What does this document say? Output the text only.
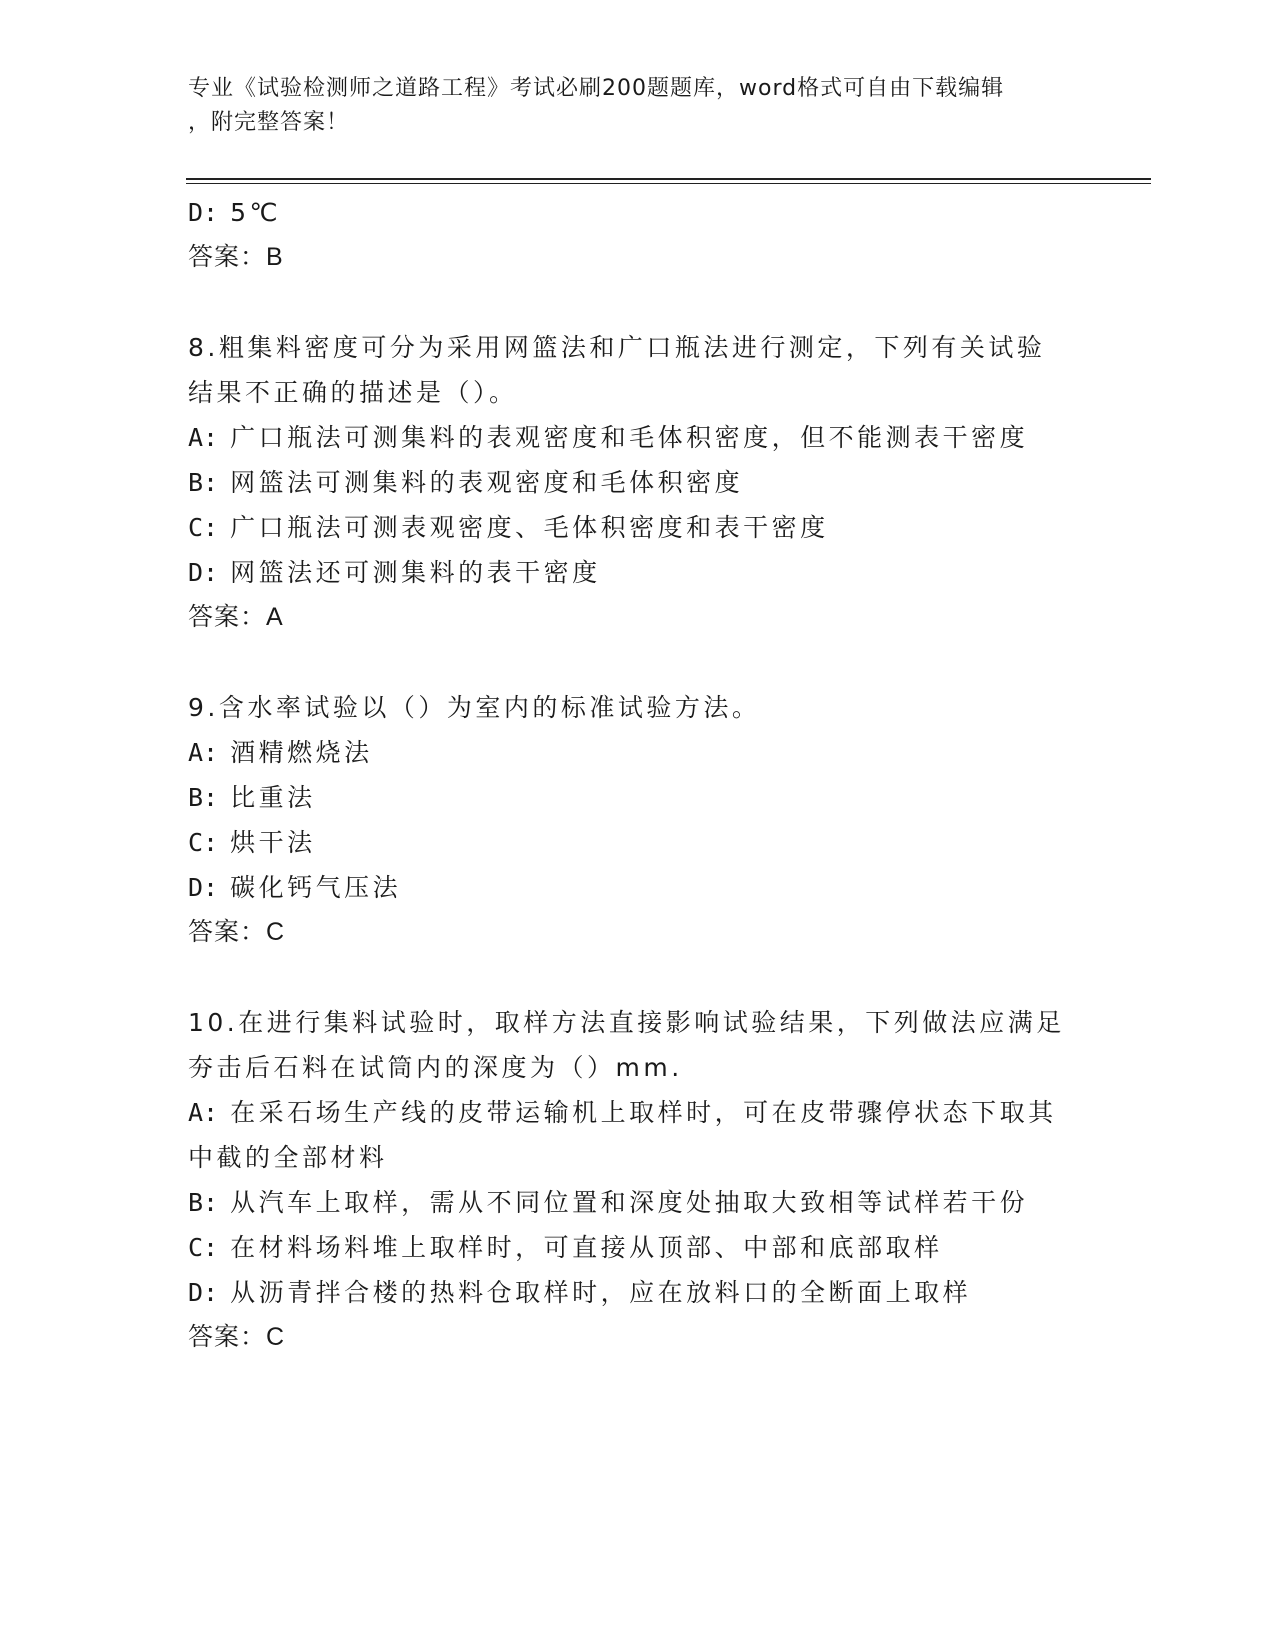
专业《试验检测师之道路工程》考试必刷200题题库，word格式可自由下载编辑
，附完整答案！
D: 5℃
答案：B
8.粗集料密度可分为采用网篮法和广口瓶法进行测定，下列有关试验
结果不正确的描述是（）。
A: 广口瓶法可测集料的表观密度和毛体积密度，但不能测表干密度
B: 网篮法可测集料的表观密度和毛体积密度
C: 广口瓶法可测表观密度、毛体积密度和表干密度
D: 网篮法还可测集料的表干密度
答案：A
9.含水率试验以（）为室内的标准试验方法。
A: 酒精燃烧法
B: 比重法
C: 烘干法
D: 碳化钙气压法
答案：C
10.在进行集料试验时，取样方法直接影响试验结果，下列做法应满足
夯击后石料在试筒内的深度为（）mm.
A: 在采石场生产线的皮带运输机上取样时，可在皮带骤停状态下取其
中截的全部材料
B: 从汽车上取样，需从不同位置和深度处抽取大致相等试样若干份
C: 在材料场料堆上取样时，可直接从顶部、中部和底部取样
D: 从沥青拌合楼的热料仓取样时，应在放料口的全断面上取样
答案：C
